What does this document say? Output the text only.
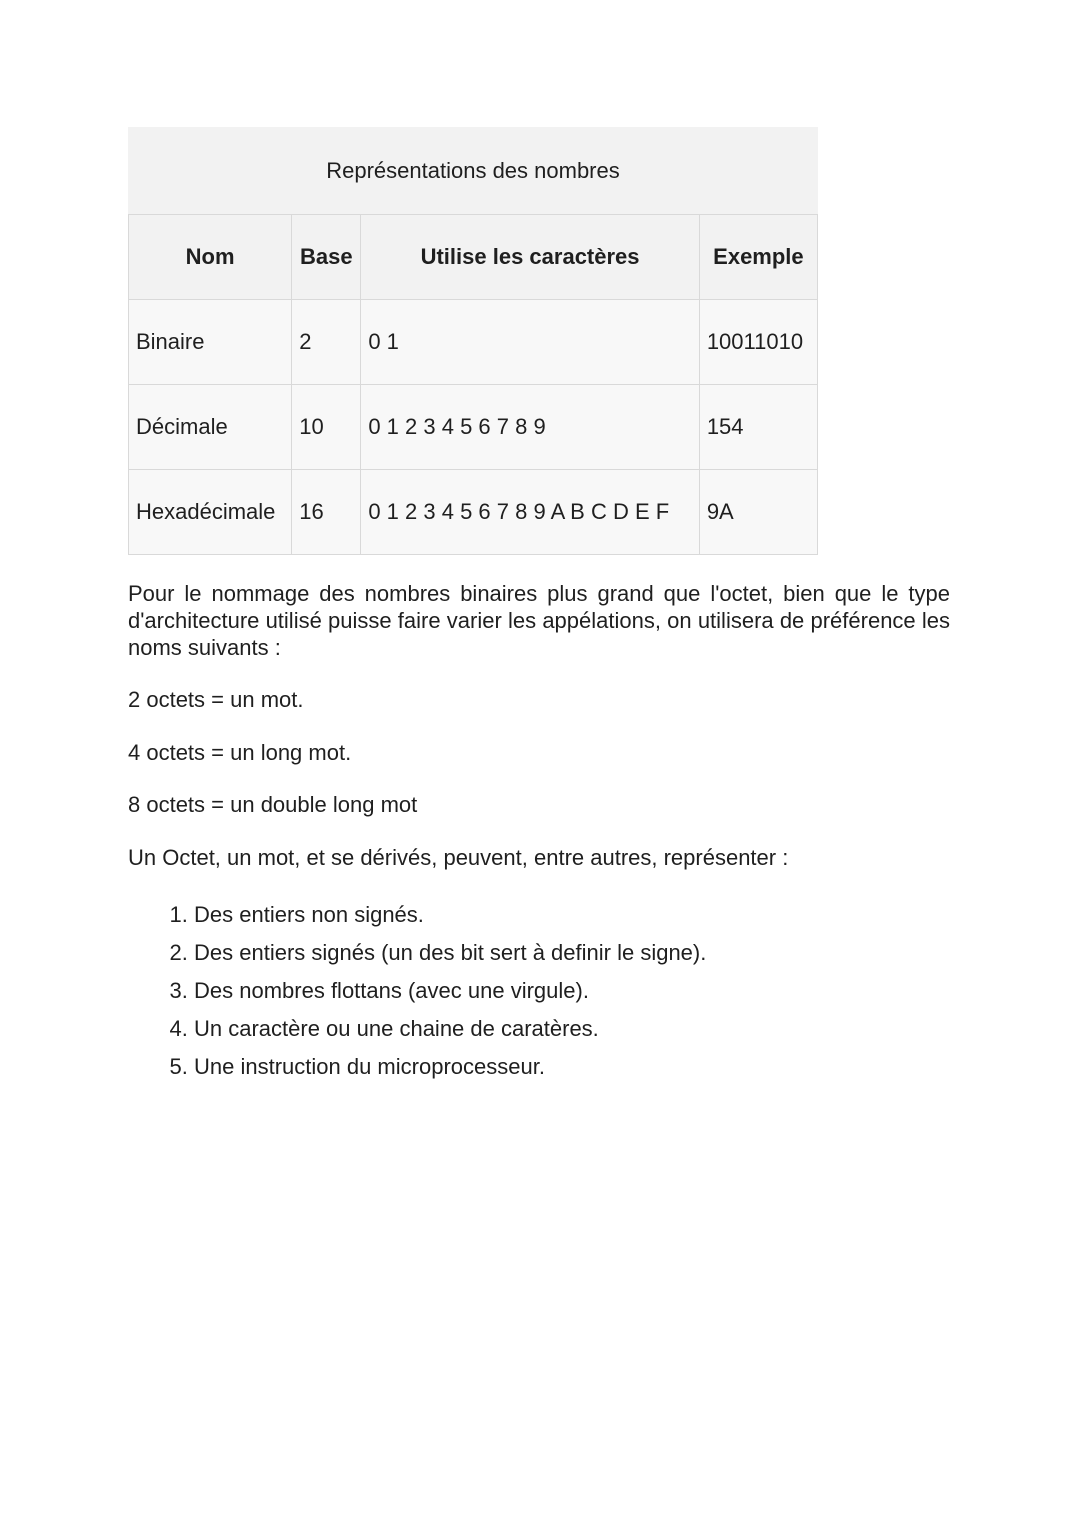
Représentations des nombres
Nom	Base	Utilise les caractères	Exemple
Binaire	2	0 1	10011010
Décimale	10	0 1 2 3 4 5 6 7 8 9	154
Hexadécimale	16	0 1 2 3 4 5 6 7 8 9 A B C D E F	9A

Pour le nommage des nombres binaires plus grand que l'octet, bien que le type d'architecture utilisé puisse faire varier les appélations, on utilisera de préférence les noms suivants :

2 octets = un mot.

4 octets = un long mot.

8 octets = un double long mot

Un Octet, un mot, et se dérivés, peuvent, entre autres, représenter :

1. Des entiers non signés.
2. Des entiers signés (un des bit sert à definir le signe).
3. Des nombres flottans (avec une virgule).
4. Un caractère ou une chaine de caratères.
5. Une instruction du microprocesseur.
